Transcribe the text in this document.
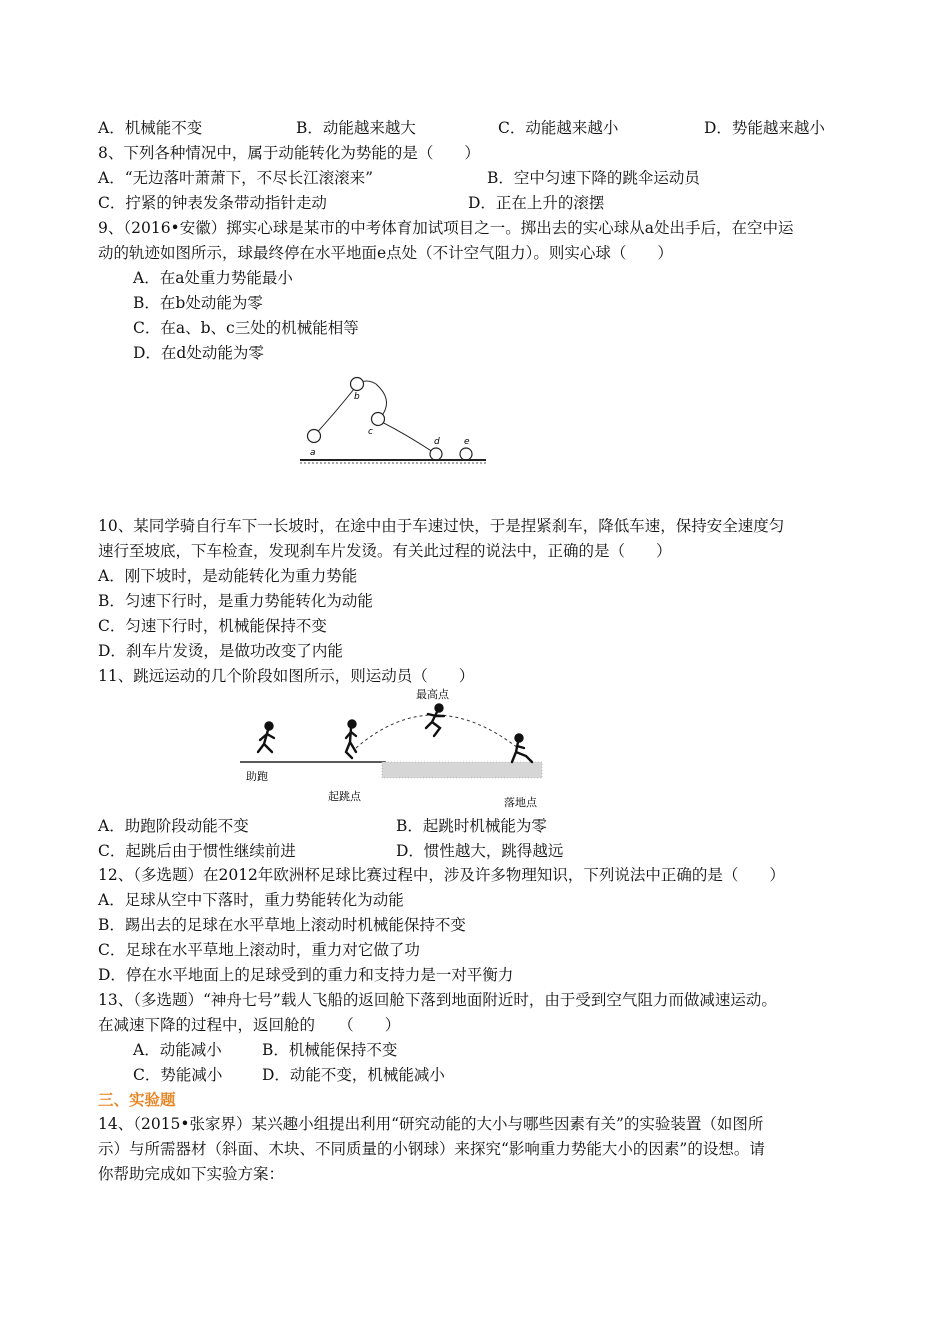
A．机械能不变	B．动能越来越大	C．动能越来越小	D．势能越来越小
8、下列各种情况中，属于动能转化为势能的是（　　）
A．“无边落叶萧萧下，不尽长江滚滚来”	B．空中匀速下降的跳伞运动员
C．拧紧的钟表发条带动指针走动	D．正在上升的滚摆
9、（2016•安徽）掷实心球是某市的中考体育加试项目之一。掷出去的实心球从a处出手后，在空中运
动的轨迹如图所示，球最终停在水平地面e点处（不计空气阻力）。则实心球（　　）
A．在a处重力势能最小
B．在b处动能为零
C．在a、b、c三处的机械能相等
D．在d处动能为零
a
b
c
d	e
10、某同学骑自行车下一长坡时，在途中由于车速过快，于是捏紧刹车，降低车速，保持安全速度匀
速行至坡底，下车检查，发现刹车片发烫。有关此过程的说法中，正确的是（　　）
A．刚下坡时，是动能转化为重力势能
B．匀速下行时，是重力势能转化为动能
C．匀速下行时，机械能保持不变
D．刹车片发烫，是做功改变了内能
11、跳远运动的几个阶段如图所示，则运动员（　　）
最高点
助跑
起跳点	落地点
A．助跑阶段动能不变	B．起跳时机械能为零
C．起跳后由于惯性继续前进	D．惯性越大，跳得越远
12、（多选题）在2012年欧洲杯足球比赛过程中，涉及许多物理知识，下列说法中正确的是（　　）
A．足球从空中下落时，重力势能转化为动能
B．踢出去的足球在水平草地上滚动时机械能保持不变
C．足球在水平草地上滚动时，重力对它做了功
D．停在水平地面上的足球受到的重力和支持力是一对平衡力
13、（多选题）“神舟七号”载人飞船的返回舱下落到地面附近时，由于受到空气阻力而做减速运动。
在减速下降的过程中，返回舱的　　（　　）
A．动能减小	B．机械能保持不变
C．势能减小	D．动能不变，机械能减小
三、实验题
14、（2015•张家界）某兴趣小组提出利用“研究动能的大小与哪些因素有关”的实验装置（如图所
示）与所需器材（斜面、木块、不同质量的小钢球）来探究“影响重力势能大小的因素”的设想。请
你帮助完成如下实验方案：
